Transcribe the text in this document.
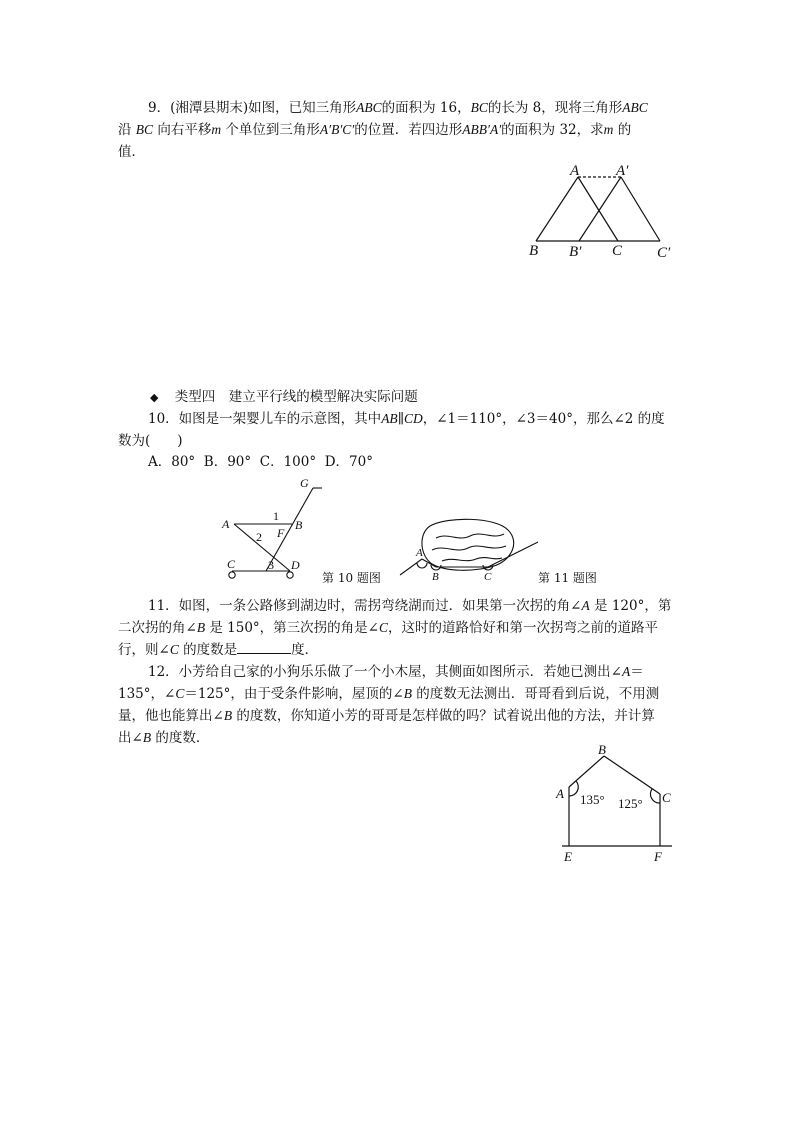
9．(湘潭县期末)如图，已知三角形ABC的面积为 16，BC的长为 8，现将三角形ABC
沿 BC 向右平移m 个单位到三角形A′B′C′的位置．若四边形ABB′A′的面积为 32，求m 的
值．
A A′
B B′ C C′
◆ 类型四　建立平行线的模型解决实际问题
10．如图是一架婴儿车的示意图，其中AB∥CD，∠1＝110°，∠3＝40°，那么∠2 的度
数为(　　)
A．80° B．90° C．100° D．70°
G
A	B
F
C	D
1
2
3
第 10 题图
A
B	C	第 11 题图
11．如图，一条公路修到湖边时，需拐弯绕湖而过．如果第一次拐的角∠A 是 120°，第
二次拐的角∠B 是 150°，第三次拐的角是∠C，这时的道路恰好和第一次拐弯之前的道路平
行，则∠C 的度数是	度．
12．小芳给自己家的小狗乐乐做了一个小木屋，其侧面如图所示．若她已测出∠A＝
135°，∠C＝125°，由于受条件影响，屋顶的∠B 的度数无法测出．哥哥看到后说，不用测
量，他也能算出∠B 的度数，你知道小芳的哥哥是怎样做的吗？试着说出他的方法，并计算
出∠B 的度数．
B
A	C
E	F
135° 125°
